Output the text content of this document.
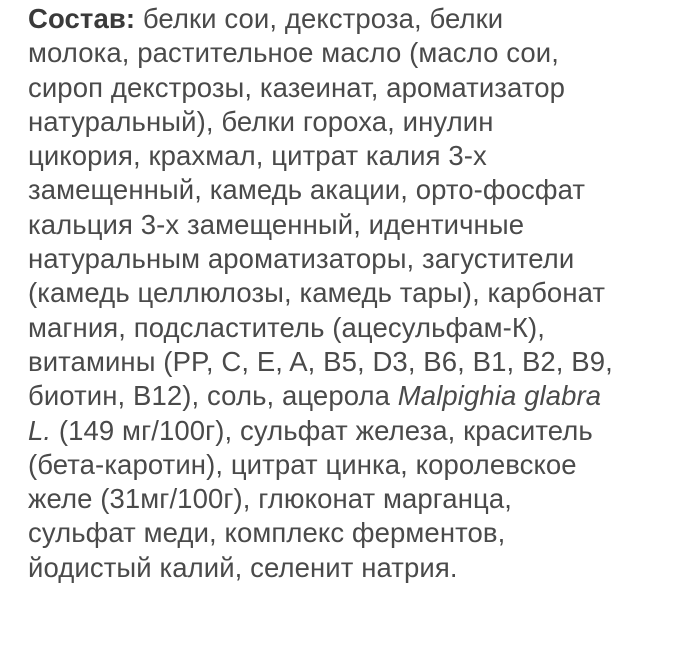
Состав: белки сои, декстроза, белки
молока, растительное масло (масло сои,
сироп декстрозы, казеинат, ароматизатор
натуральный), белки гороха, инулин
цикория, крахмал, цитрат калия 3-х
замещенный, камедь акации, орто-фосфат
кальция 3-х замещенный, идентичные
натуральным ароматизаторы, загустители
(камедь целлюлозы, камедь тары), карбонат
магния, подсластитель (ацесульфам-К),
витамины (PP, C, E, A, B5, D3, B6, B1, B2, B9,
биотин, B12), соль, ацерола Malpighia glabra
L. (149 мг/100г), сульфат железа, краситель
(бета-каротин), цитрат цинка, королевское
желе (31мг/100г), глюконат марганца,
сульфат меди, комплекс ферментов,
йодистый калий, селенит натрия.
